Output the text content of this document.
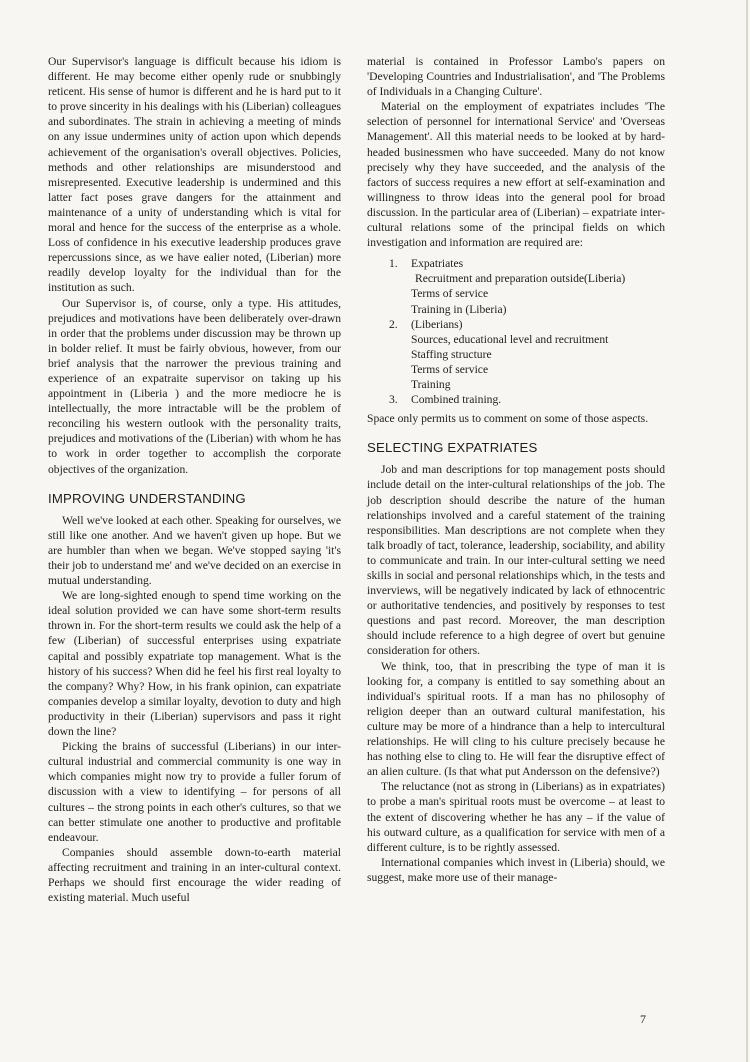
Our Supervisor's language is difficult because his idiom is different. He may become either openly rude or snubbingly reticent. His sense of humor is different and he is hard put to it to prove sincerity in his dealings with his (Liberian) colleagues and subordinates. The strain in achieving a meeting of minds on any issue undermines unity of action upon which depends achievement of the organisation's overall objectives. Policies, methods and other relationships are misunderstood and misrepresented. Executive leadership is undermined and this latter fact poses grave dangers for the attainment and maintenance of a unity of understanding which is vital for moral and hence for the success of the enterprise as a whole. Loss of confidence in his executive leadership produces grave repercussions since, as we have ealier noted, (Liberian) more readily develop loyalty for the individual than for the institution as such.

Our Supervisor is, of course, only a type. His attitudes, prejudices and motivations have been deliberately over-drawn in order that the problems under discussion may be thrown up in bolder relief. It must be fairly obvious, however, from our brief analysis that the narrower the previous training and experience of an expatraite supervisor on taking up his appointment in (Liberia ) and the more mediocre he is intellectually, the more intractable will be the problem of reconciling his western outlook with the personality traits, prejudices and motivations of the (Liberian) with whom he has to work in order together to accomplish the corporate objectives of the organization.

IMPROVING UNDERSTANDING

Well we've looked at each other. Speaking for ourselves, we still like one another. And we haven't given up hope. But we are humbler than when we began. We've stopped saying 'it's their job to understand me' and we've decided on an exercise in mutual understanding.

We are long-sighted enough to spend time working on the ideal solution provided we can have some short-term results thrown in. For the short-term results we could ask the help of a few (Liberian) of successful enterprises using expatriate capital and possibly expatriate top management. What is the history of his success? When did he feel his first real loyalty to the company? Why? How, in his frank opinion, can expatriate companies develop a similar loyalty, devotion to duty and high productivity in their (Liberian) supervisors and pass it right down the line?

Picking the brains of successful (Liberians) in our inter-cultural industrial and commercial community is one way in which companies might now try to provide a fuller forum of discussion with a view to identifying – for persons of all cultures – the strong points in each other's cultures, so that we can better stimulate one another to productive and profitable endeavour.

Companies should assemble down-to-earth material affecting recruitment and training in an inter-cultural context. Perhaps we should first encourage the wider reading of existing material. Much useful

material is contained in Professor Lambo's papers on 'Developing Countries and Industrialisation', and 'The Problems of Individuals in a Changing Culture'.

Material on the employment of expatriates includes 'The selection of personnel for international Service' and 'Overseas Management'. All this material needs to be looked at by hard-headed businessmen who have succeeded. Many do not know precisely why they have succeeded, and the analysis of the factors of success requires a new effort at self-examination and willingness to throw ideas into the general pool for broad discussion. In the particular area of (Liberian) – expatriate inter-cultural relations some of the principal fields on which investigation and information are required are:

1.	Expatriates
Recruitment and preparation outside(Liberia)
Terms of service
Training in (Liberia)
2.	(Liberians)
Sources, educational level and recruitment
Staffing structure
Terms of service
Training
3.	Combined training.

Space only permits us to comment on some of those aspects.

SELECTING EXPATRIATES

Job and man descriptions for top management posts should include detail on the inter-cultural relationships of the job. The job description should describe the nature of the human relationships involved and a careful statement of the training responsibilities. Man descriptions are not complete when they talk broadly of tact, tolerance, leadership, sociability, and ability to communicate and train. In our inter-cultural setting we need skills in social and personal relationships which, in the tests and inverviews, will be negatively indicated by lack of ethnocentric or authoritative tendencies, and positively by responses to test questions and past record. Moreover, the man description should include reference to a high degree of overt but genuine consideration for others.

We think, too, that in prescribing the type of man it is looking for, a company is entitled to say something about an individual's spiritual roots. If a man has no philosophy of religion deeper than an outward cultural manifestation, his culture may be more of a hindrance than a help to intercultural relationships. He will cling to his culture precisely because he has nothing else to cling to. He will fear the disruptive effect of an alien culture. (Is that what put Andersson on the defensive?)

The reluctance (not as strong in (Liberians) as in expatriates) to probe a man's spiritual roots must be overcome – at least to the extent of discovering whether he has any – if the value of his outward culture, as a qualification for service with men of a different culture, is to be rightly assessed.

International companies which invest in (Liberia) should, we suggest, make more use of their manage-

7
